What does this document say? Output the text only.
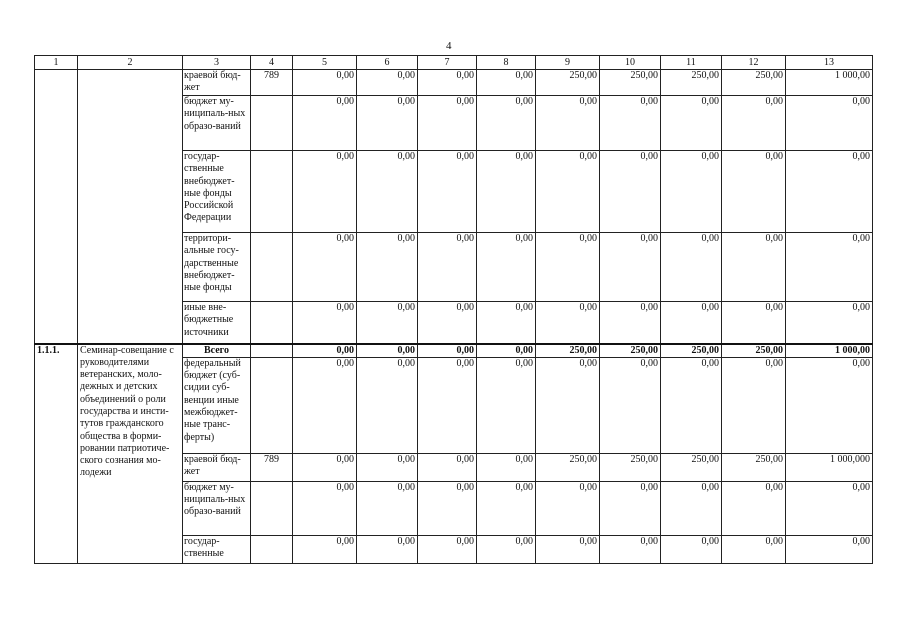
4
1	2	3	4	5	6	7	8	9	10	11	12	13
		краевой бюд-жет	789	0,00	0,00	0,00	0,00	250,00	250,00	250,00	250,00	1 000,00
		бюджет му-ниципаль-ных образо-ваний		0,00	0,00	0,00	0,00	0,00	0,00	0,00	0,00	0,00
		государ-ственные внебюджет-ные фонды Российской Федерации		0,00	0,00	0,00	0,00	0,00	0,00	0,00	0,00	0,00
		территори-альные госу-дарственные внебюджет-ные фонды		0,00	0,00	0,00	0,00	0,00	0,00	0,00	0,00	0,00
		иные вне-бюджетные источники		0,00	0,00	0,00	0,00	0,00	0,00	0,00	0,00	0,00
1.1.1.	Семинар-совещание с руководителями ветеранских, моло-дежных и детских объединений о роли государства и инсти-тутов гражданского общества в форми-ровании патриотиче-ского сознания мо-лодежи	Всего		0,00	0,00	0,00	0,00	250,00	250,00	250,00	250,00	1 000,00
		федеральный бюджет (суб-сидии суб-венции иные межбюджет-ные транс-ферты)		0,00	0,00	0,00	0,00	0,00	0,00	0,00	0,00	0,00
		краевой бюд-жет	789	0,00	0,00	0,00	0,00	250,00	250,00	250,00	250,00	1 000,000
		бюджет му-ниципаль-ных образо-ваний		0,00	0,00	0,00	0,00	0,00	0,00	0,00	0,00	0,00
		государ-ственные		0,00	0,00	0,00	0,00	0,00	0,00	0,00	0,00	0,00
